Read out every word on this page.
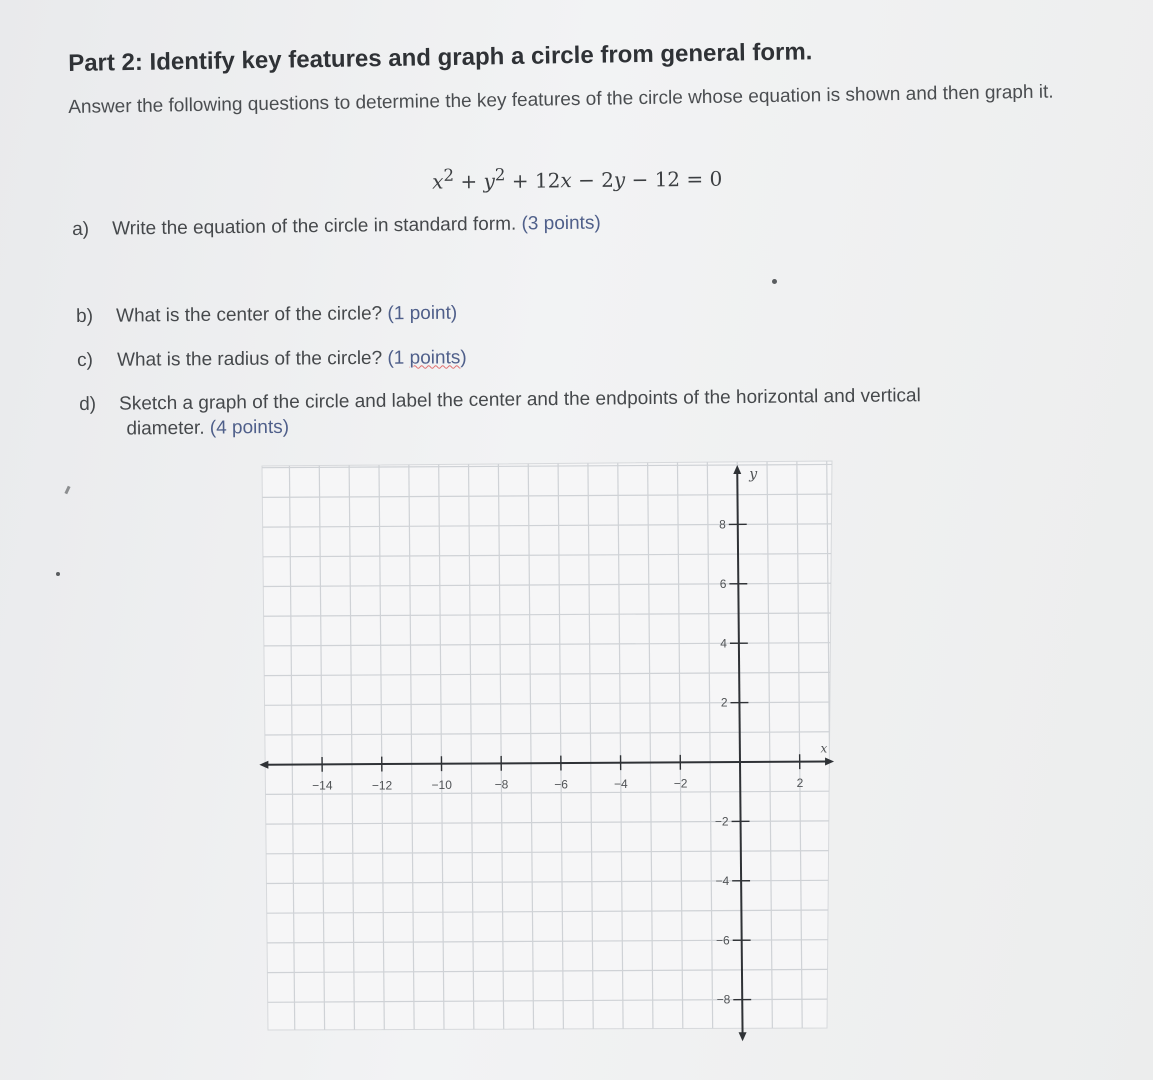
Part 2: Identify key features and graph a circle from general form.
Answer the following questions to determine the key features of the circle whose equation is shown and then graph it.
$x^2 + y^2 + 12x - 2y - 12 = 0$
a) Write the equation of the circle in standard form. (3 points)
b) What is the center of the circle? (1 point)
c) What is the radius of the circle? (1 points)
d) Sketch a graph of the circle and label the center and the endpoints of the horizontal and vertical
diameter. (4 points)
x
y
−14	−12	−10	−8	−6	−4	−2	2
8
6
4
2
−2
−4
−6
−8
